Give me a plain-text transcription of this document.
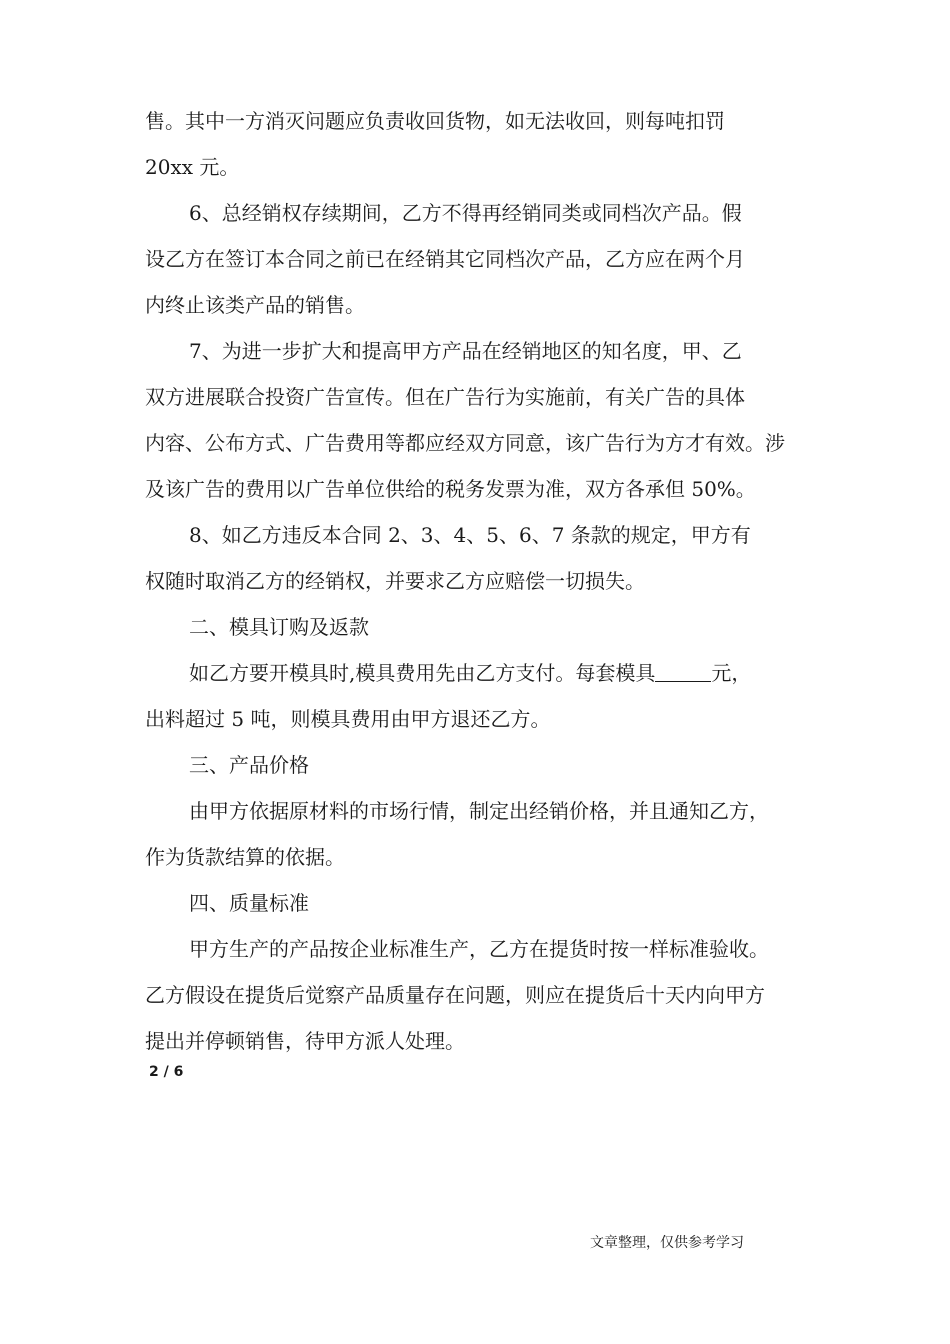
售。其中一方消灭问题应负责收回货物，如无法收回，则每吨扣罚
20xx 元。

6、总经销权存续期间，乙方不得再经销同类或同档次产品。假
设乙方在签订本合同之前已在经销其它同档次产品，乙方应在两个月
内终止该类产品的销售。

7、为进一步扩大和提高甲方产品在经销地区的知名度，甲、乙
双方进展联合投资广告宣传。但在广告行为实施前，有关广告的具体
内容、公布方式、广告费用等都应经双方同意，该广告行为方才有效。涉
及该广告的费用以广告单位供给的税务发票为准，双方各承但 50%。

8、如乙方违反本合同 2、3、4、5、6、7 条款的规定，甲方有
权随时取消乙方的经销权，并要求乙方应赔偿一切损失。

二、模具订购及返款

如乙方要开模具时,模具费用先由乙方支付。每套模具	元，
出料超过 5 吨，则模具费用由甲方退还乙方。

三、产品价格

由甲方依据原材料的市场行情，制定出经销价格，并且通知乙方，
作为货款结算的依据。

四、质量标准

甲方生产的产品按企业标准生产，乙方在提货时按一样标准验收。
乙方假设在提货后觉察产品质量存在问题，则应在提货后十天内向甲方
提出并停顿销售，待甲方派人处理。

2 / 6
文章整理，仅供参考学习
